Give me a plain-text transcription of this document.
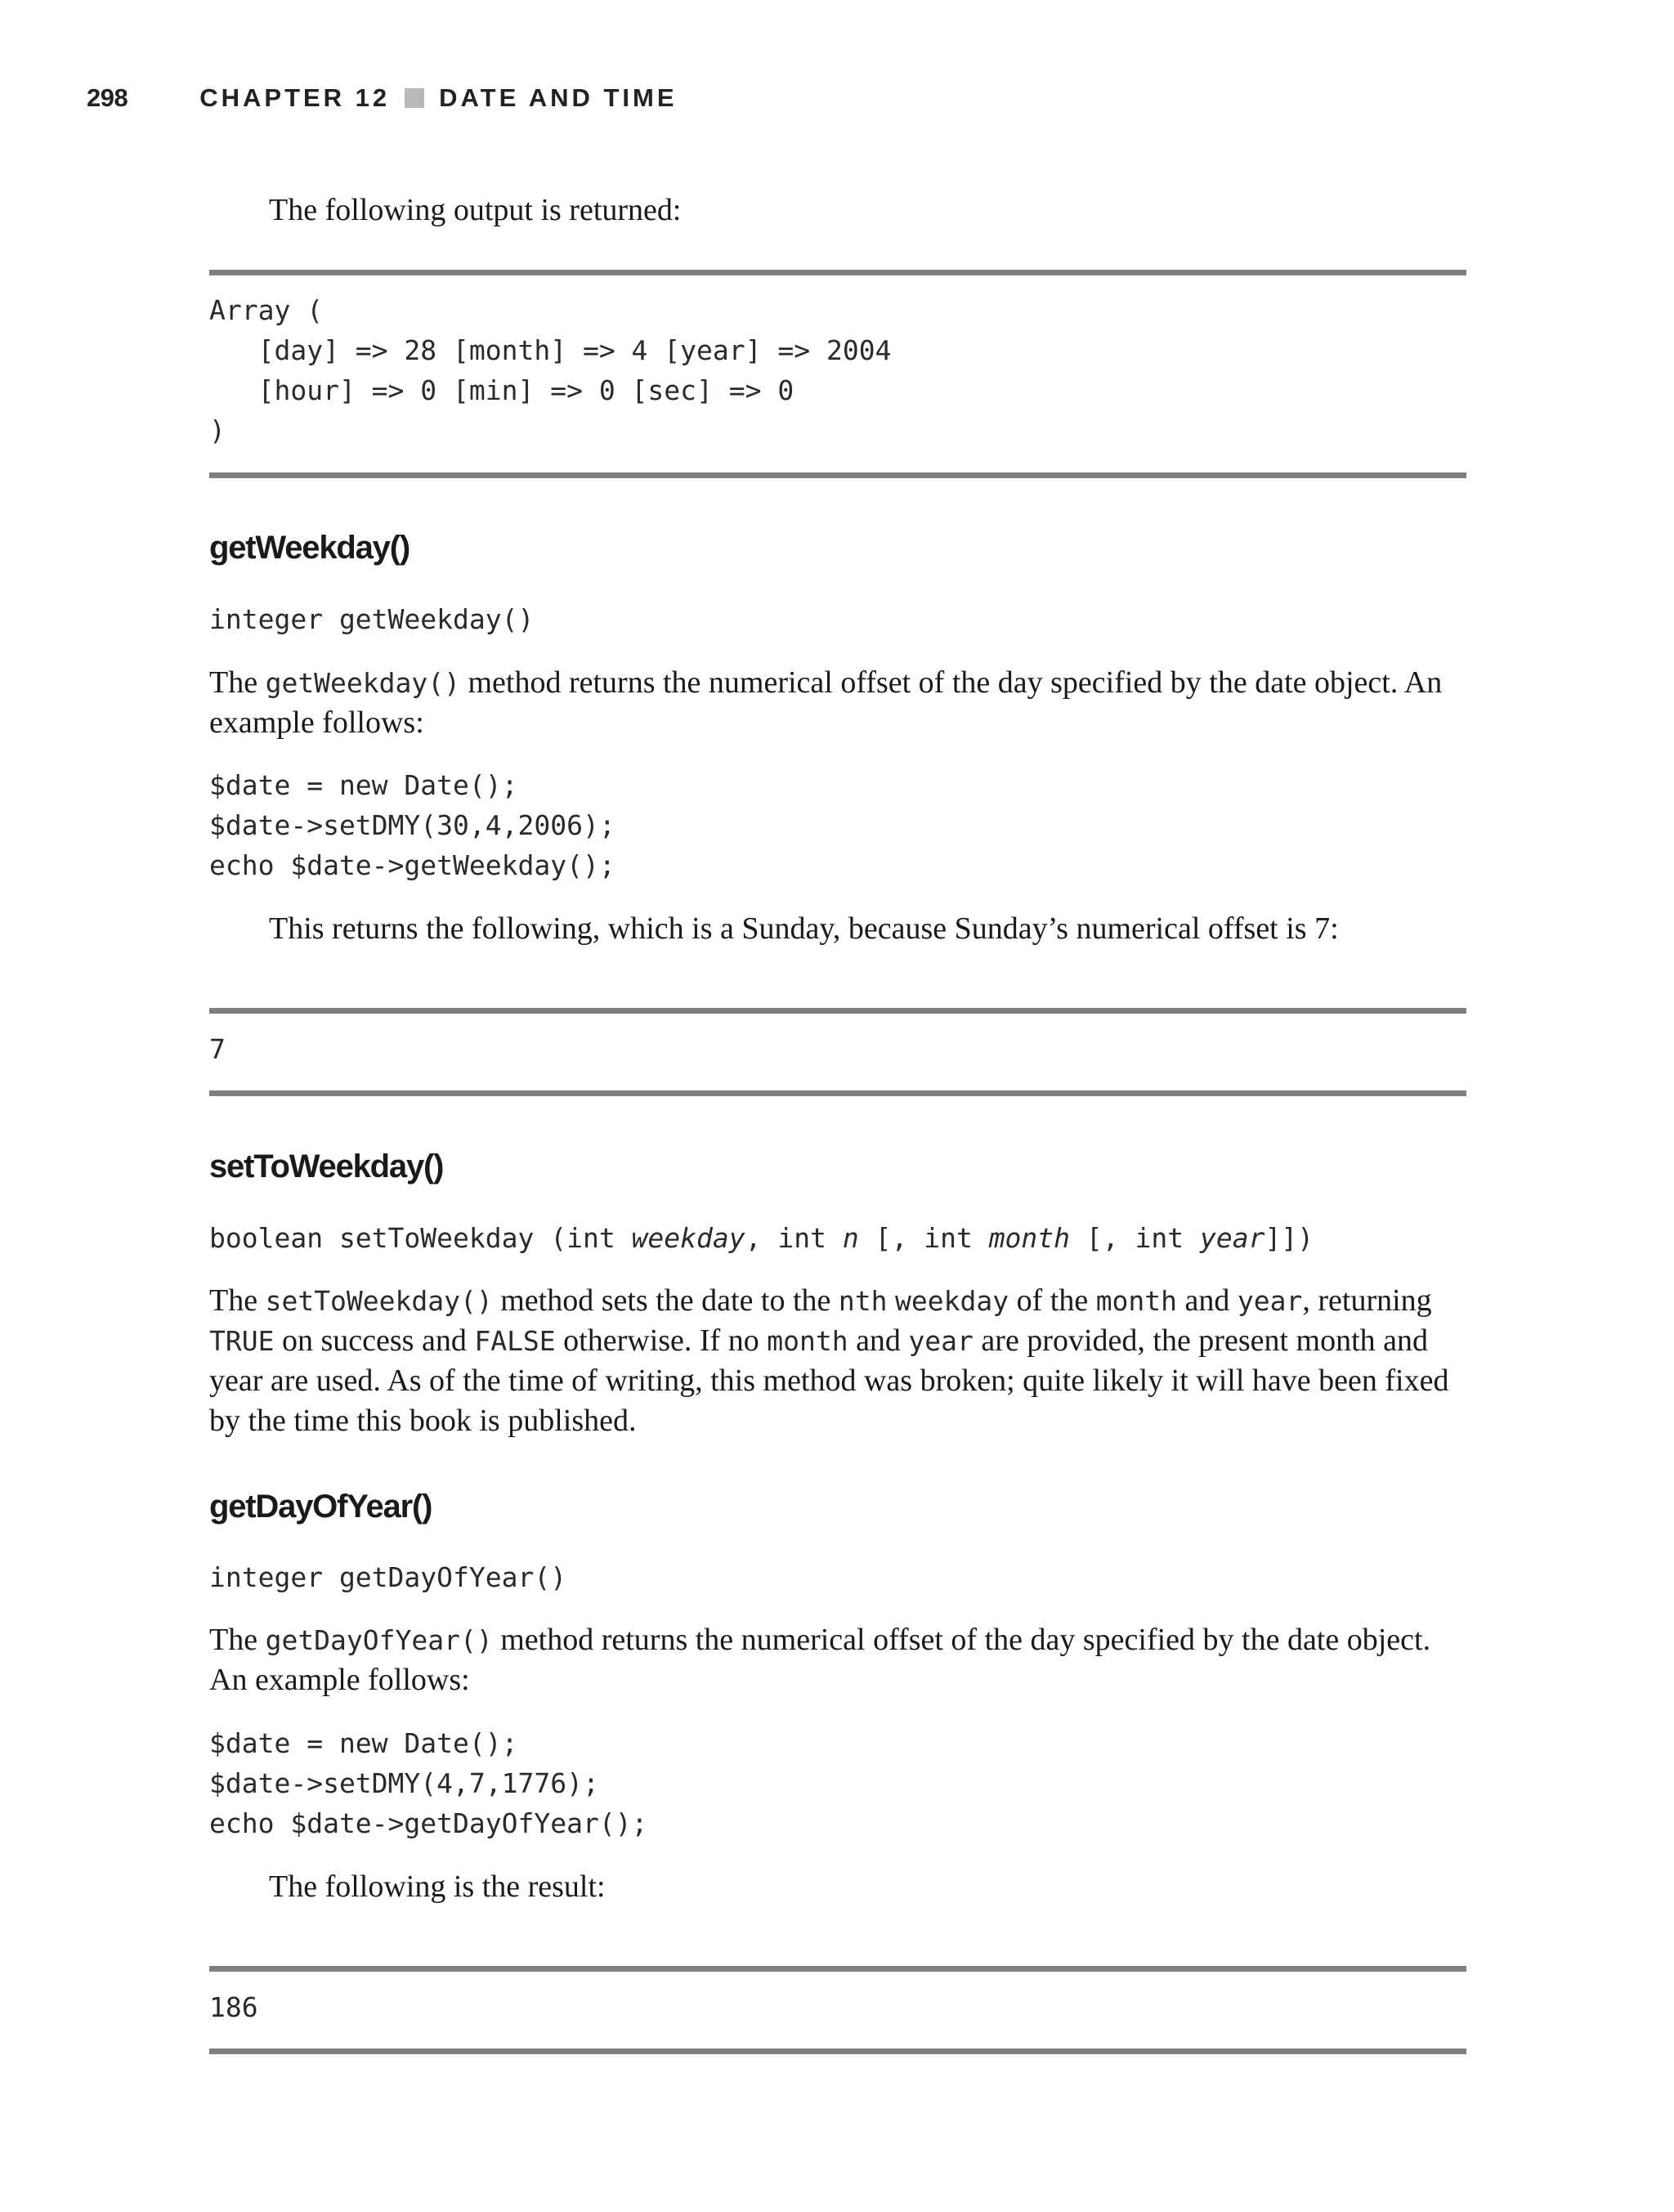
298	CHAPTER 12 DATE AND TIME
The following output is returned:
Array (
[day] => 28 [month] => 4 [year] => 2004
[hour] => 0 [min] => 0 [sec] => 0
)
getWeekday()
integer getWeekday()
The getWeekday() method returns the numerical offset of the day specified by the date object. An example follows:
$date = new Date();
$date->setDMY(30,4,2006);
echo $date->getWeekday();
This returns the following, which is a Sunday, because Sunday’s numerical offset is 7:
7
setToWeekday()
boolean setToWeekday (int weekday, int n [, int month [, int year]])
The setToWeekday() method sets the date to the nth weekday of the month and year, returning TRUE on success and FALSE otherwise. If no month and year are provided, the present month and year are used. As of the time of writing, this method was broken; quite likely it will have been fixed by the time this book is published.
getDayOfYear()
integer getDayOfYear()
The getDayOfYear() method returns the numerical offset of the day specified by the date object. An example follows:
$date = new Date();
$date->setDMY(4,7,1776);
echo $date->getDayOfYear();
The following is the result:
186
